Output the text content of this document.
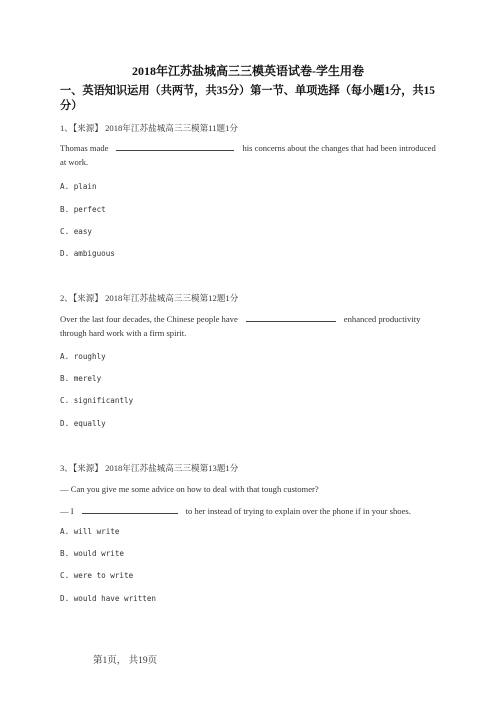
2018年江苏盐城高三三模英语试卷-学生用卷
一、英语知识运用（共两节，共35分）第一节、单项选择（每小题1分，共15分）
1、【来源】 2018年江苏盐城高三三模第11题1分
Thomas made	his concerns about the changes that had been introduced at work.
A. plain
B. perfect
C. easy
D. ambiguous
2、【来源】 2018年江苏盐城高三三模第12题1分
Over the last four decades, the Chinese people have	enhanced productivity through hard work with a firm spirit.
A. roughly
B. merely
C. significantly
D. equally
3、【来源】 2018年江苏盐城高三三模第13题1分
— Can you give me some advice on how to deal with that tough customer?
— I	to her instead of trying to explain over the phone if in your shoes.
A. will write
B. would write
C. were to write
D. would have written
第1页， 共19页
